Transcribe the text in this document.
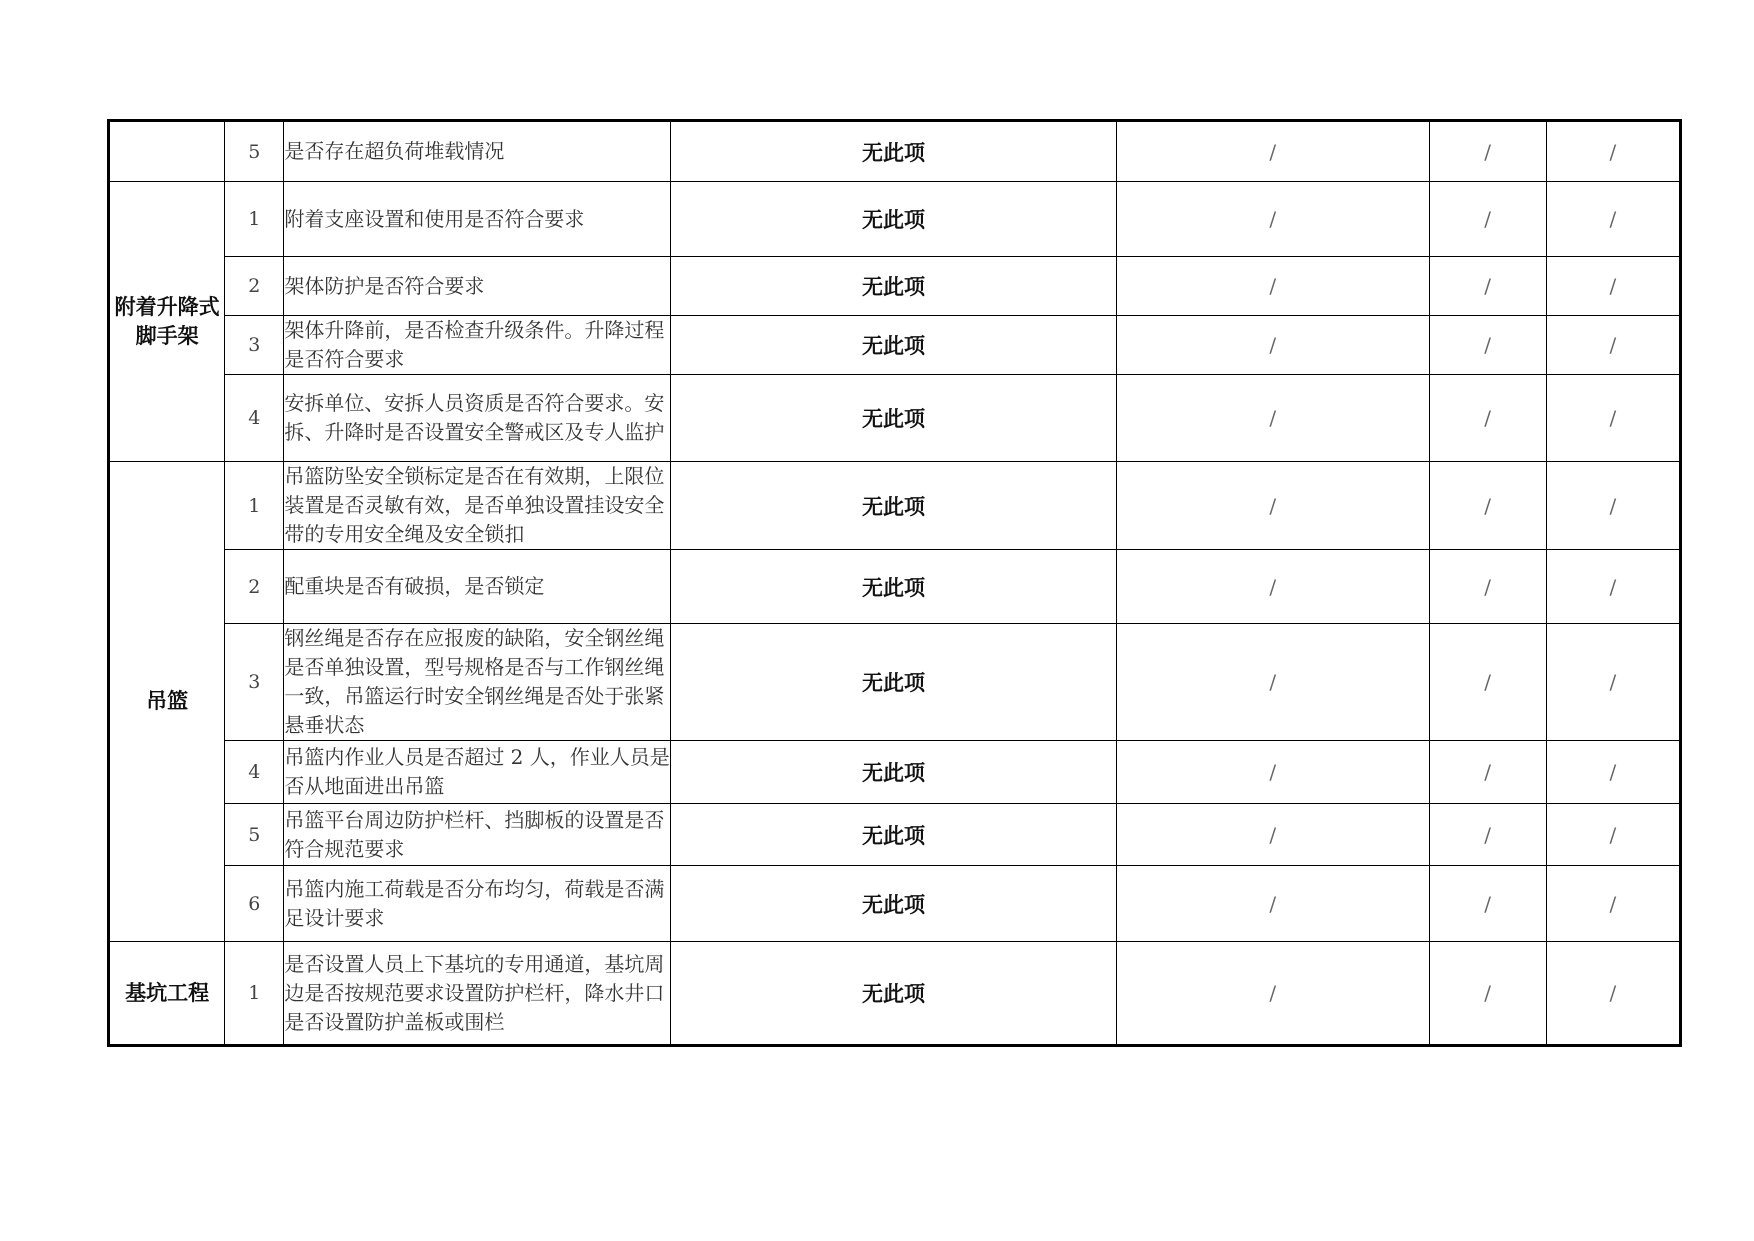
	5	是否存在超负荷堆载情况	无此项	/	/	/
附着升降式脚手架	1	附着支座设置和使用是否符合要求	无此项	/	/	/
	2	架体防护是否符合要求	无此项	/	/	/
	3	架体升降前，是否检查升级条件。升降过程是否符合要求	无此项	/	/	/
	4	安拆单位、安拆人员资质是否符合要求。安拆、升降时是否设置安全警戒区及专人监护	无此项	/	/	/
吊篮	1	吊篮防坠安全锁标定是否在有效期，上限位装置是否灵敏有效，是否单独设置挂设安全带的专用安全绳及安全锁扣	无此项	/	/	/
	2	配重块是否有破损，是否锁定	无此项	/	/	/
	3	钢丝绳是否存在应报废的缺陷，安全钢丝绳是否单独设置，型号规格是否与工作钢丝绳一致，吊篮运行时安全钢丝绳是否处于张紧悬垂状态	无此项	/	/	/
	4	吊篮内作业人员是否超过 2 人，作业人员是否从地面进出吊篮	无此项	/	/	/
	5	吊篮平台周边防护栏杆、挡脚板的设置是否符合规范要求	无此项	/	/	/
	6	吊篮内施工荷载是否分布均匀，荷载是否满足设计要求	无此项	/	/	/
基坑工程	1	是否设置人员上下基坑的专用通道，基坑周边是否按规范要求设置防护栏杆，降水井口是否设置防护盖板或围栏	无此项	/	/	/
